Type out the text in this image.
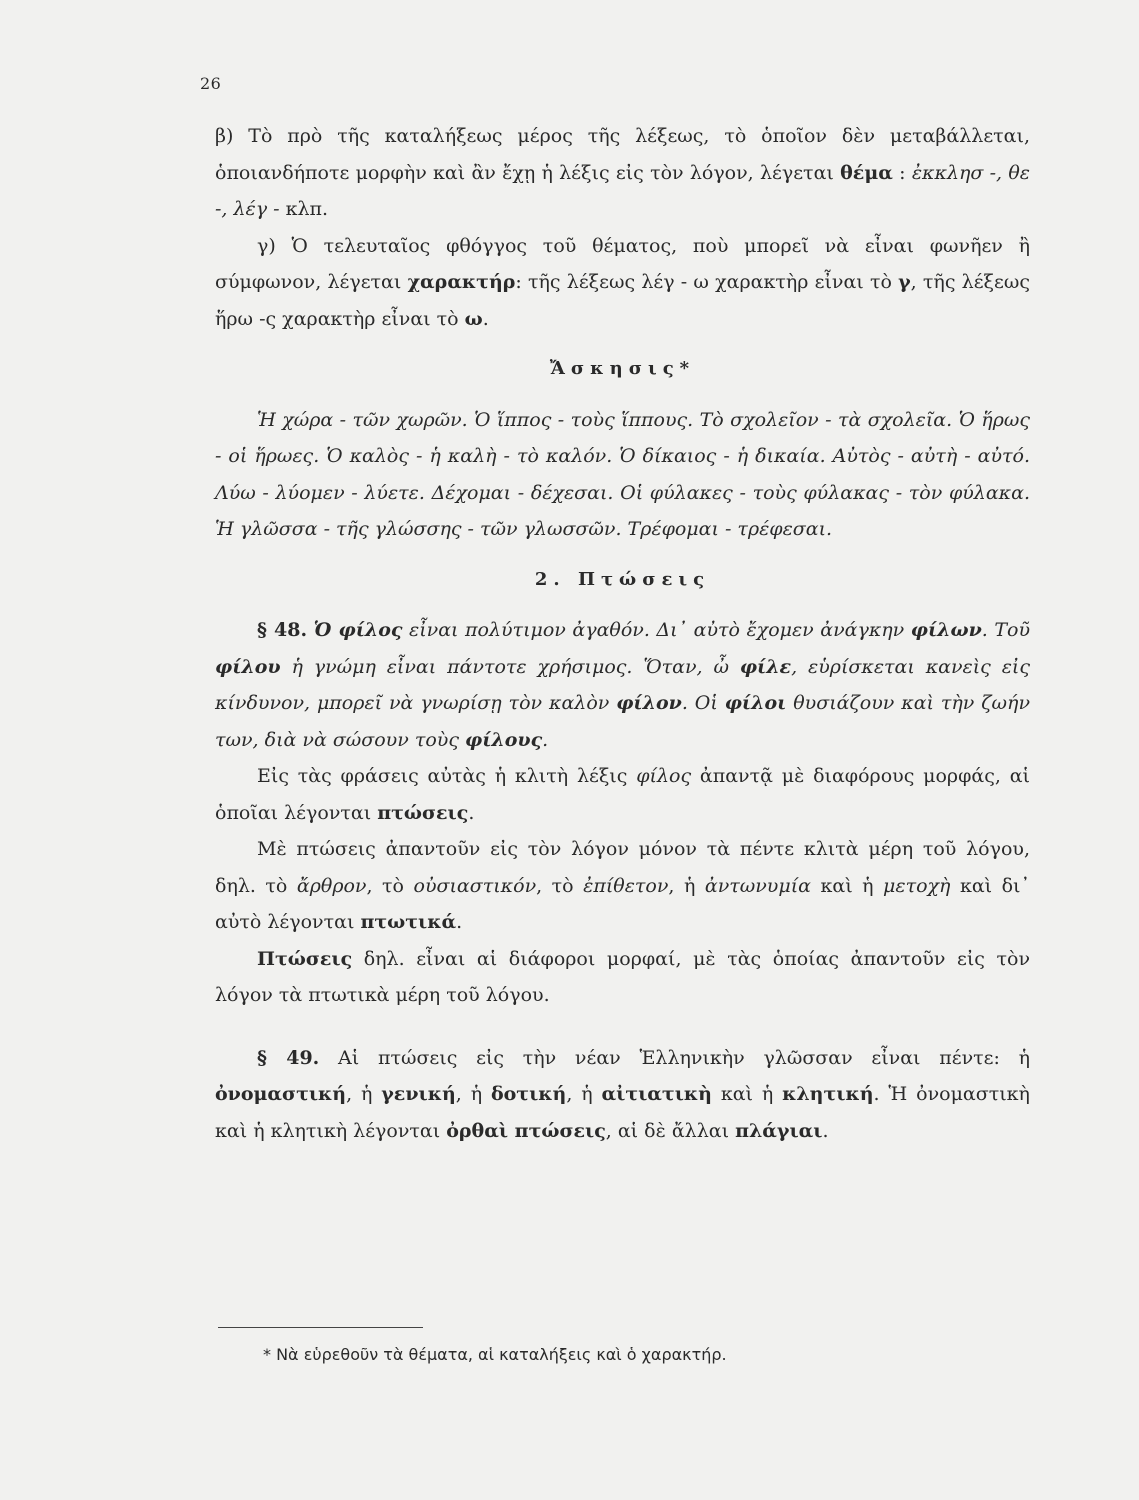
26

β) Τὸ πρὸ τῆς καταλήξεως μέρος τῆς λέξεως, τὸ ὁποῖον δὲν μεταβάλλεται, ὁποιανδήποτε μορφὴν καὶ ἂν ἔχῃ ἡ λέξις εἰς τὸν λόγον, λέγεται θέμα : ἐκκλησ -, θε -, λέγ - κλπ.

γ) Ὁ τελευταῖος φθόγγος τοῦ θέματος, ποὺ μπορεῖ νὰ εἶναι φωνῆεν ἢ σύμφωνον, λέγεται χαρακτήρ: τῆς λέξεως λέγ - ω χαρακτὴρ εἶναι τὸ γ, τῆς λέξεως ἥρω -ς χαρακτὴρ εἶναι τὸ ω.

Ἄσκησις*

Ἡ χώρα - τῶν χωρῶν. Ὁ ἵππος - τοὺς ἵππους. Τὸ σχολεῖον - τὰ σχολεῖα. Ὁ ἥρως - οἱ ἥρωες. Ὁ καλὸς - ἡ καλὴ - τὸ καλόν. Ὁ δίκαιος - ἡ δικαία. Αὐτὸς - αὐτὴ - αὐτό. Λύω - λύομεν - λύετε. Δέχομαι - δέχεσαι. Οἱ φύλακες - τοὺς φύλακας - τὸν φύλακα. Ἡ γλῶσσα - τῆς γλώσσης - τῶν γλωσσῶν. Τρέφομαι - τρέφεσαι.

2. Πτώσεις

§ 48. Ὁ φίλος εἶναι πολύτιμον ἀγαθόν. Δι᾽ αὐτὸ ἔχομεν ἀνάγκην φίλων. Τοῦ φίλου ἡ γνώμη εἶναι πάντοτε χρήσιμος. Ὅταν, ὦ φίλε, εὑρίσκεται κανεὶς εἰς κίνδυνον, μπορεῖ νὰ γνωρίσῃ τὸν καλὸν φίλον. Οἱ φίλοι θυσιάζουν καὶ τὴν ζωήν των, διὰ νὰ σώσουν τοὺς φίλους.

Εἰς τὰς φράσεις αὐτὰς ἡ κλιτὴ λέξις φίλος ἀπαντᾷ μὲ διαφόρους μορφάς, αἱ ὁποῖαι λέγονται πτώσεις.

Μὲ πτώσεις ἀπαντοῦν εἰς τὸν λόγον μόνον τὰ πέντε κλιτὰ μέρη τοῦ λόγου, δηλ. τὸ ἄρθρον, τὸ οὐσιαστικόν, τὸ ἐπίθετον, ἡ ἀντωνυμία καὶ ἡ μετοχὴ καὶ δι᾽ αὐτὸ λέγονται πτωτικά.

Πτώσεις δηλ. εἶναι αἱ διάφοροι μορφαί, μὲ τὰς ὁποίας ἀπαντοῦν εἰς τὸν λόγον τὰ πτωτικὰ μέρη τοῦ λόγου.

§ 49. Αἱ πτώσεις εἰς τὴν νέαν Ἑλληνικὴν γλῶσσαν εἶναι πέντε: ἡ ὀνομαστική, ἡ γενική, ἡ δοτική, ἡ αἰτιατικὴ καὶ ἡ κλητική. Ἡ ὀνομαστικὴ καὶ ἡ κλητικὴ λέγονται ὀρθαὶ πτώσεις, αἱ δὲ ἄλλαι πλάγιαι.

* Νὰ εὑρεθοῦν τὰ θέματα, αἱ καταλήξεις καὶ ὁ χαρακτήρ.
